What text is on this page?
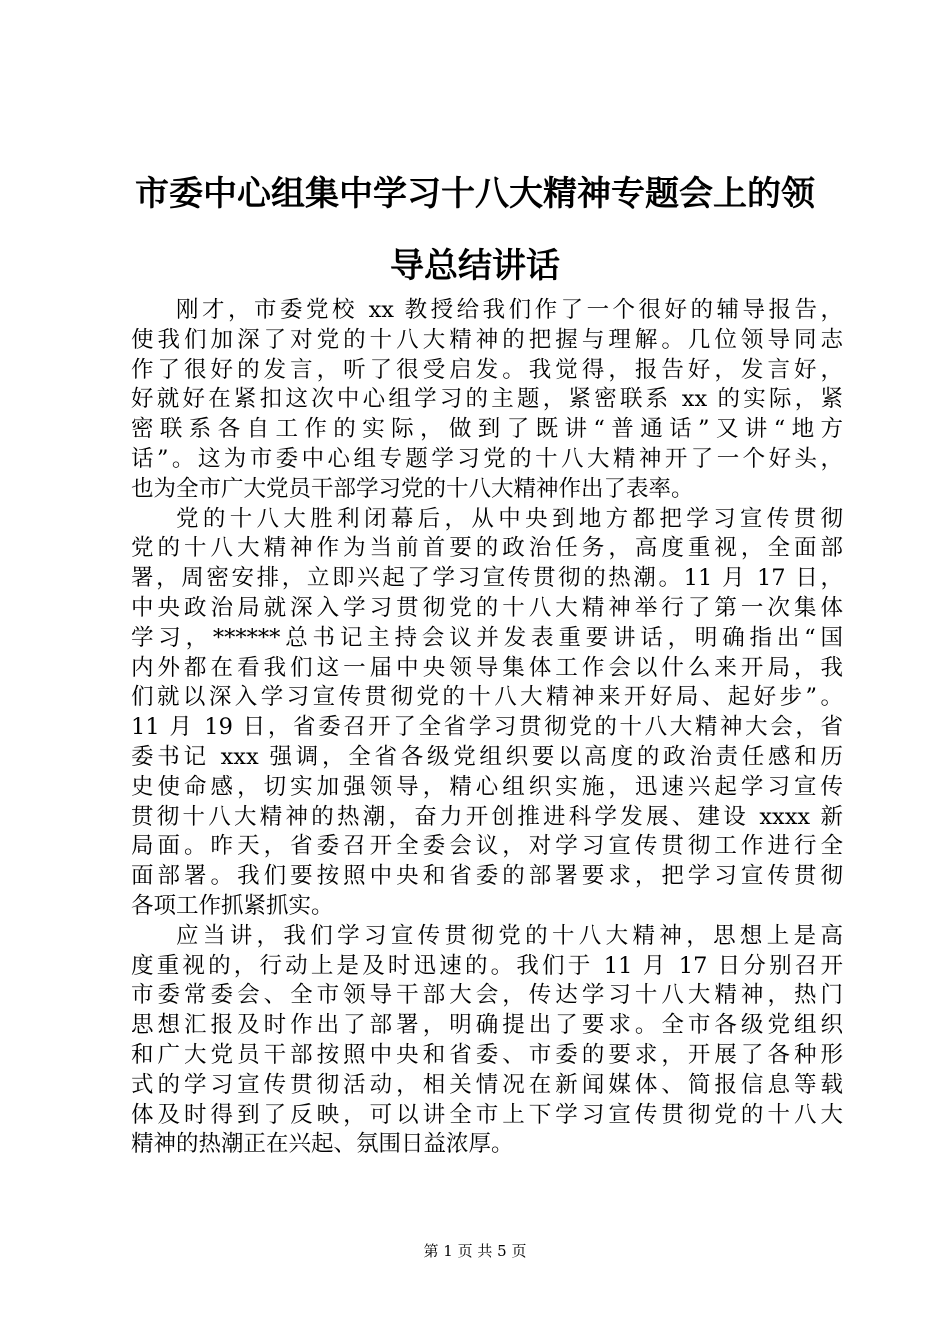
市委中心组集中学习十八大精神专题会上的领
导总结讲话
刚才，市委党校 xx 教授给我们作了一个很好的辅导报告，
使我们加深了对党的十八大精神的把握与理解。几位领导同志
作了很好的发言，听了很受启发。我觉得，报告好，发言好，
好就好在紧扣这次中心组学习的主题，紧密联系 xx 的实际，紧
密联系各自工作的实际，做到了既讲“普通话”又讲“地方
话”。这为市委中心组专题学习党的十八大精神开了一个好头，
也为全市广大党员干部学习党的十八大精神作出了表率。
党的十八大胜利闭幕后，从中央到地方都把学习宣传贯彻
党的十八大精神作为当前首要的政治任务，高度重视，全面部
署，周密安排，立即兴起了学习宣传贯彻的热潮。11 月 17 日，
中央政治局就深入学习贯彻党的十八大精神举行了第一次集体
学习，******总书记主持会议并发表重要讲话，明确指出“国
内外都在看我们这一届中央领导集体工作会以什么来开局，我
们就以深入学习宣传贯彻党的十八大精神来开好局、起好步”。
11 月 19 日，省委召开了全省学习贯彻党的十八大精神大会，省
委书记 xxx 强调，全省各级党组织要以高度的政治责任感和历
史使命感，切实加强领导，精心组织实施，迅速兴起学习宣传
贯彻十八大精神的热潮，奋力开创推进科学发展、建设 xxxx 新
局面。昨天，省委召开全委会议，对学习宣传贯彻工作进行全
面部署。我们要按照中央和省委的部署要求，把学习宣传贯彻
各项工作抓紧抓实。
应当讲，我们学习宣传贯彻党的十八大精神，思想上是高
度重视的，行动上是及时迅速的。我们于 11 月 17 日分别召开
市委常委会、全市领导干部大会，传达学习十八大精神，热门
思想汇报及时作出了部署，明确提出了要求。全市各级党组织
和广大党员干部按照中央和省委、市委的要求，开展了各种形
式的学习宣传贯彻活动，相关情况在新闻媒体、简报信息等载
体及时得到了反映，可以讲全市上下学习宣传贯彻党的十八大
精神的热潮正在兴起、氛围日益浓厚。
第 1 页 共 5 页
